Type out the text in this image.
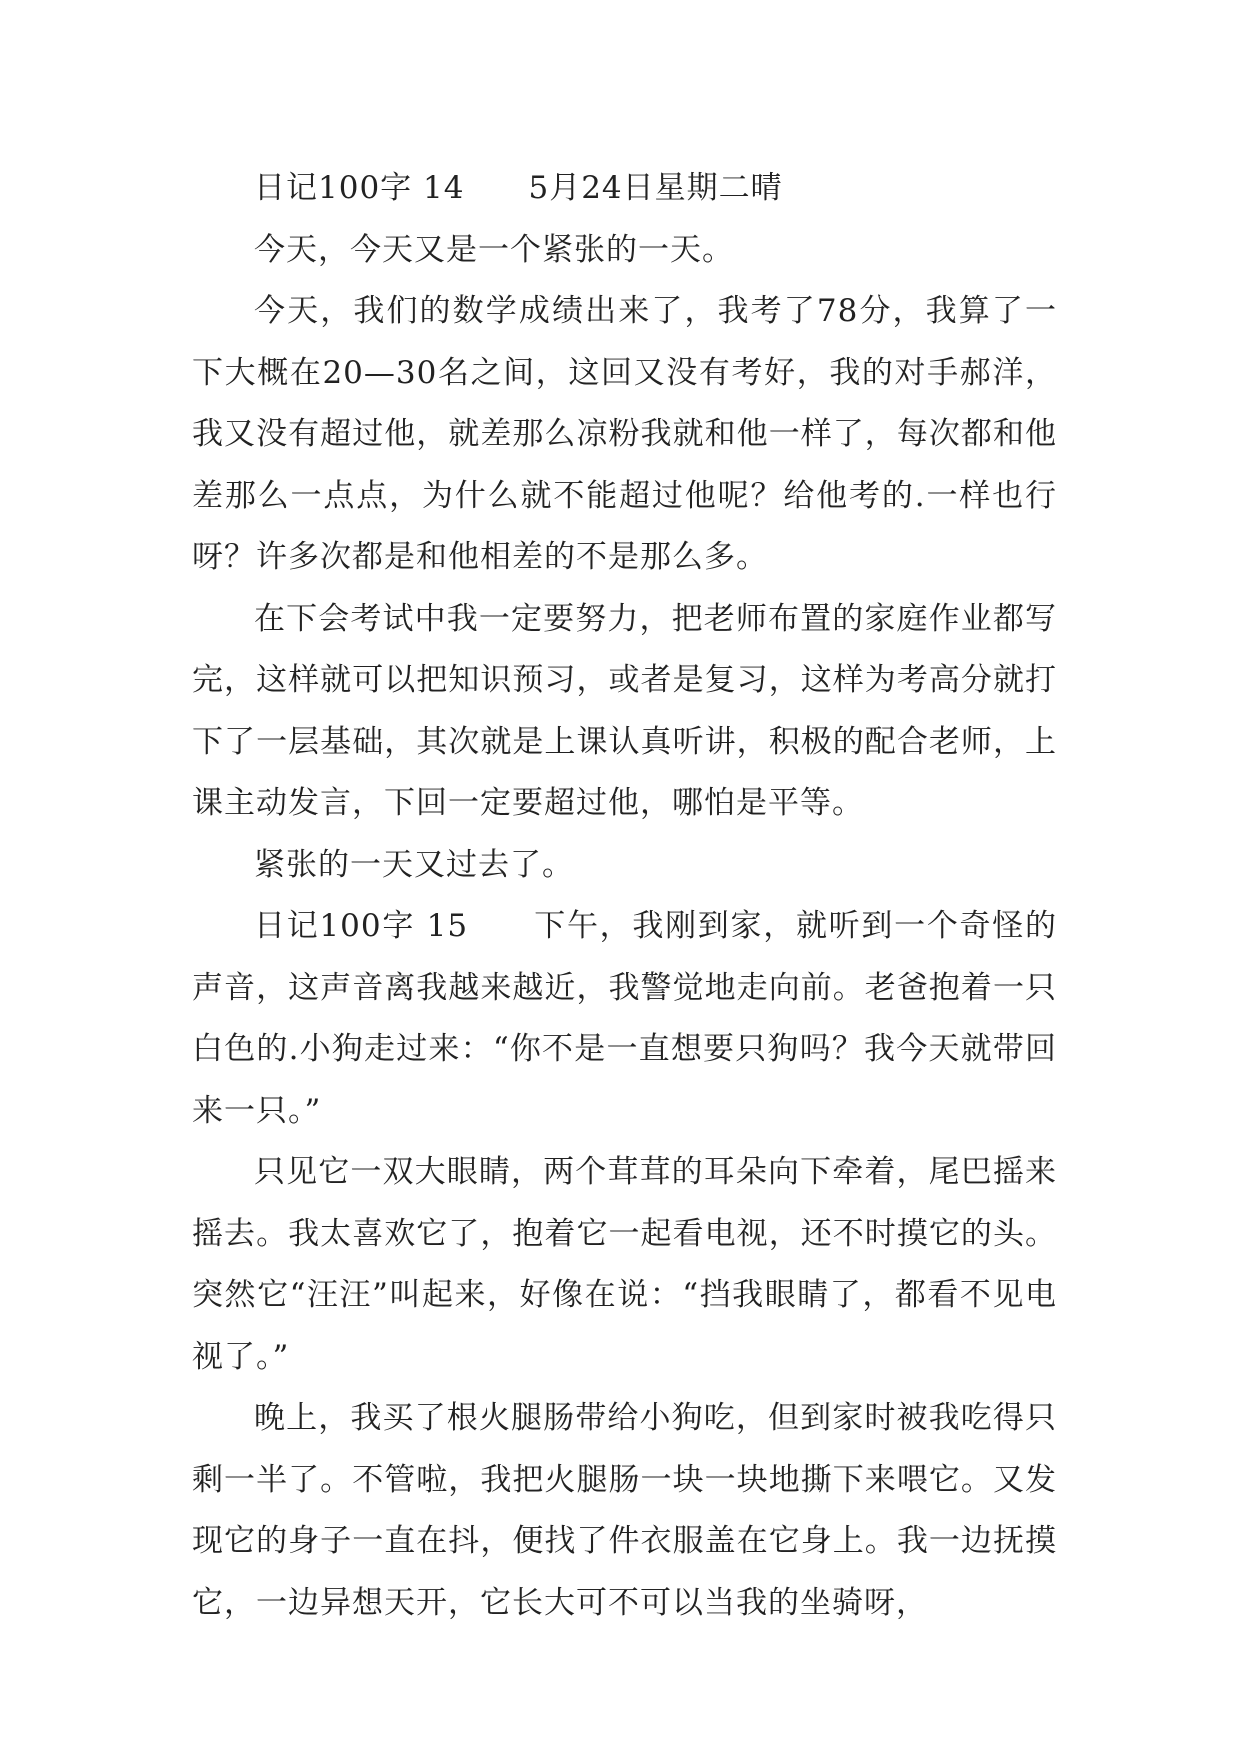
日记100字 14　　5月24日星期二晴

今天，今天又是一个紧张的一天。

今天，我们的数学成绩出来了，我考了78分，我算了一下大概在20—30名之间，这回又没有考好，我的对手郝洋，我又没有超过他，就差那么凉粉我就和他一样了，每次都和他差那么一点点，为什么就不能超过他呢？给他考的.一样也行呀？许多次都是和他相差的不是那么多。

在下会考试中我一定要努力，把老师布置的家庭作业都写完，这样就可以把知识预习，或者是复习，这样为考高分就打下了一层基础，其次就是上课认真听讲，积极的配合老师，上课主动发言，下回一定要超过他，哪怕是平等。

紧张的一天又过去了。

日记100字 15　　下午，我刚到家，就听到一个奇怪的声音，这声音离我越来越近，我警觉地走向前。老爸抱着一只白色的.小狗走过来：“你不是一直想要只狗吗？我今天就带回来一只。”

只见它一双大眼睛，两个茸茸的耳朵向下牵着，尾巴摇来摇去。我太喜欢它了，抱着它一起看电视，还不时摸它的头。突然它“汪汪”叫起来，好像在说：“挡我眼睛了，都看不见电视了。”

晚上，我买了根火腿肠带给小狗吃，但到家时被我吃得只剩一半了。不管啦，我把火腿肠一块一块地撕下来喂它。又发现它的身子一直在抖，便找了件衣服盖在它身上。我一边抚摸它，一边异想天开，它长大可不可以当我的坐骑呀，
